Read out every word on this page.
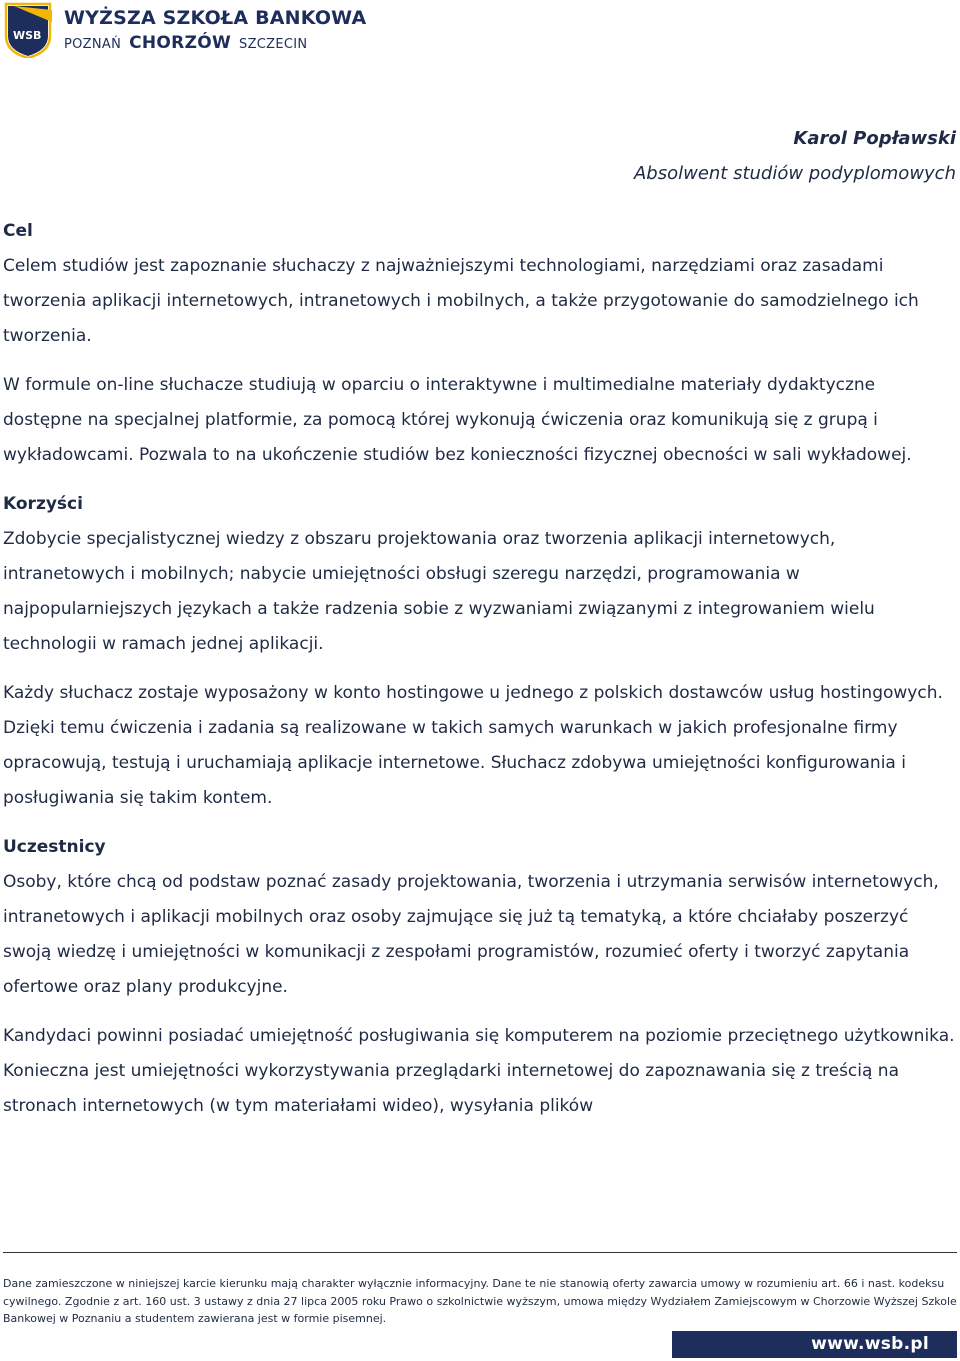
WSB
WYŻSZA SZKOŁA BANKOWA
POZNAŃ CHORZÓW SZCZECIN
Karol Popławski
Absolwent studiów podyplomowych
Cel

Celem studiów jest zapoznanie słuchaczy z najważniejszymi technologiami, narzędziami oraz zasadami tworzenia aplikacji internetowych, intranetowych i mobilnych, a także przygotowanie do samodzielnego ich tworzenia.

W formule on-line słuchacze studiują w oparciu o interaktywne i multimedialne materiały dydaktyczne dostępne na specjalnej platformie, za pomocą której wykonują ćwiczenia oraz komunikują się z grupą i wykładowcami. Pozwala to na ukończenie studiów bez konieczności fizycznej obecności w sali wykładowej.

Korzyści

Zdobycie specjalistycznej wiedzy z obszaru projektowania oraz tworzenia aplikacji internetowych, intranetowych i mobilnych; nabycie umiejętności obsługi szeregu narzędzi, programowania w najpopularniejszych językach a także radzenia sobie z wyzwaniami związanymi z integrowaniem wielu technologii w ramach jednej aplikacji.

Każdy słuchacz zostaje wyposażony w konto hostingowe u jednego z polskich dostawców usług hostingowych. Dzięki temu ćwiczenia i zadania są realizowane w takich samych warunkach w jakich profesjonalne firmy opracowują, testują i uruchamiają aplikacje internetowe. Słuchacz zdobywa umiejętności konfigurowania i posługiwania się takim kontem.

Uczestnicy

Osoby, które chcą od podstaw poznać zasady projektowania, tworzenia i utrzymania serwisów internetowych, intranetowych i aplikacji mobilnych oraz osoby zajmujące się już tą tematyką, a które chciałaby poszerzyć swoją wiedzę i umiejętności w komunikacji z zespołami programistów, rozumieć oferty i tworzyć zapytania ofertowe oraz plany produkcyjne.

Kandydaci powinni posiadać umiejętność posługiwania się komputerem na poziomie przeciętnego użytkownika. Konieczna jest umiejętności wykorzystywania przeglądarki internetowej do zapoznawania się z treścią na stronach internetowych (w tym materiałami wideo), wysyłania plików

Dane zamieszczone w niniejszej karcie kierunku mają charakter wyłącznie informacyjny. Dane te nie stanowią oferty zawarcia umowy w rozumieniu art. 66 i nast. kodeksu cywilnego. Zgodnie z art. 160 ust. 3 ustawy z dnia 27 lipca 2005 roku Prawo o szkolnictwie wyższym, umowa między Wydziałem Zamiejscowym w Chorzowie Wyższej Szkole Bankowej w Poznaniu a studentem zawierana jest w formie pisemnej.
www.wsb.pl
